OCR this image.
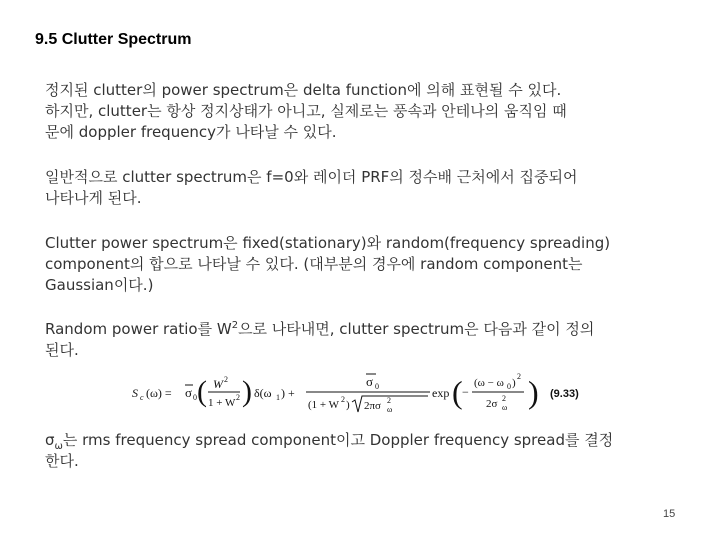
9.5 Clutter Spectrum
정지된 clutter의 power spectrum은 delta function에 의해 표현될 수 있다.
하지만, clutter는 항상 정지상태가 아니고, 실제로는 풍속과 안테나의 움직임 때
문에 doppler frequency가 나타날 수 있다.
일반적으로 clutter spectrum은 f=0와 레이더 PRF의 정수배 근처에서 집중되어
나타나게 된다.
Clutter power spectrum은 fixed(stationary)와 random(frequency spreading)
component의 합으로 나타날 수 있다. (대부분의 경우에 random component는
Gaussian이다.)
Random power ratio를 $W^2$으로 나타내면, clutter spectrum은 다음과 같이 정의
된다.
S c (ω) = σ 0 ( W 2
1 + W 2 ) δ(ω 1 ) +
σ 0
(1 + W 2 ) 2πσ 2
ω
exp ( −
(ω − ω 0 )
2
2σ 2
ω ) (9.33)
$\sigma_\omega$는 rms frequency spread component이고 Doppler frequency spread를 결정
한다.
15
